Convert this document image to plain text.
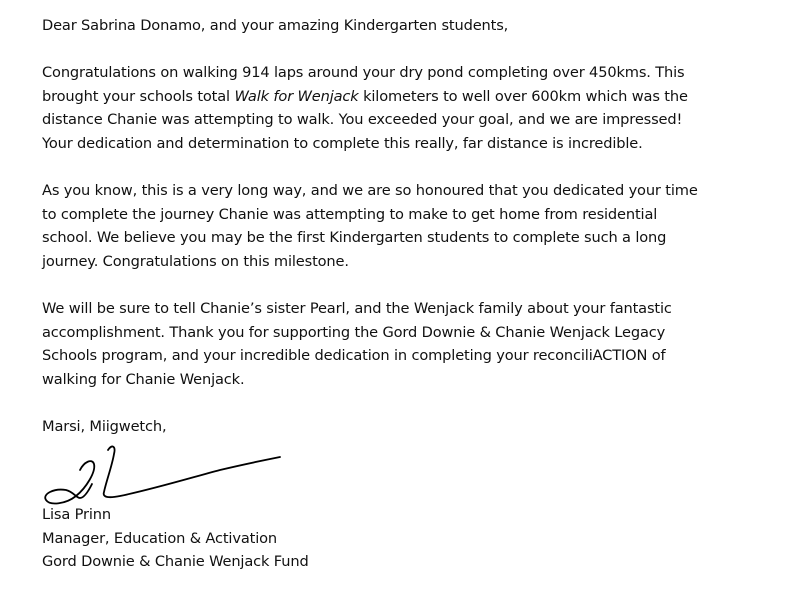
Dear Sabrina Donamo, and your amazing Kindergarten students,
Congratulations on walking 914 laps around your dry pond completing over 450kms. This
brought your schools total Walk for Wenjack kilometers to well over 600km which was the
distance Chanie was attempting to walk. You exceeded your goal, and we are impressed!
Your dedication and determination to complete this really, far distance is incredible.
As you know, this is a very long way, and we are so honoured that you dedicated your time
to complete the journey Chanie was attempting to make to get home from residential
school. We believe you may be the first Kindergarten students to complete such a long
journey. Congratulations on this milestone.
We will be sure to tell Chanie’s sister Pearl, and the Wenjack family about your fantastic
accomplishment. Thank you for supporting the Gord Downie & Chanie Wenjack Legacy
Schools program, and your incredible dedication in completing your reconciliACTION of
walking for Chanie Wenjack.
Marsi, Miigwetch,
Lisa Prinn
Manager, Education & Activation
Gord Downie & Chanie Wenjack Fund
